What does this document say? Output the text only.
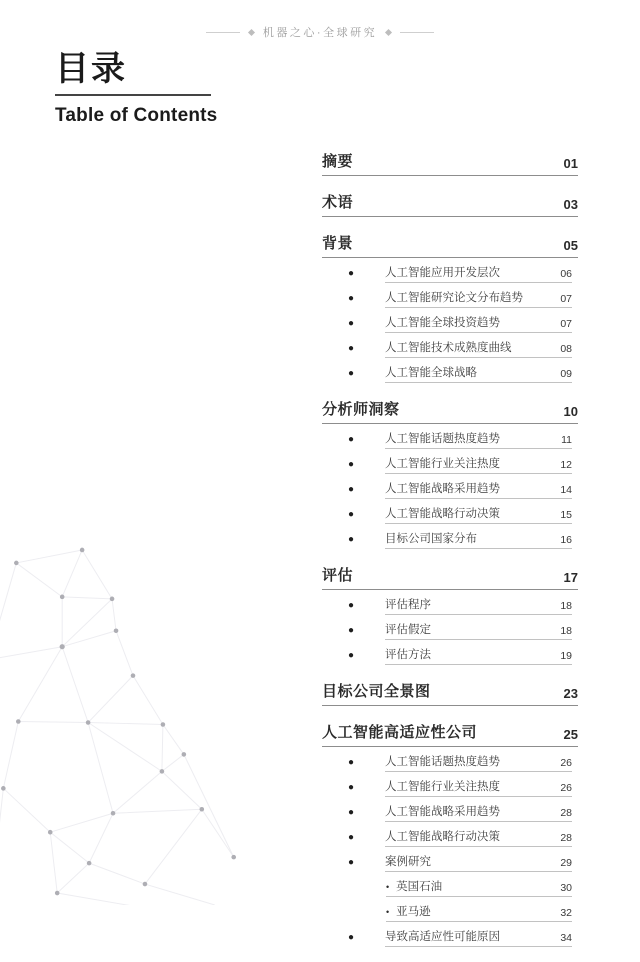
机器之心·全球研究
目录
Table of Contents
摘要	01
术语	03
背景	05
●	人工智能应用开发层次	06
●	人工智能研究论文分布趋势	07
●	人工智能全球投资趋势	07
●	人工智能技术成熟度曲线	08
●	人工智能全球战略	09
分析师洞察	10
●	人工智能话题热度趋势	11
●	人工智能行业关注热度	12
●	人工智能战略采用趋势	14
●	人工智能战略行动决策	15
●	目标公司国家分布	16
评估	17
●	评估程序	18
●	评估假定	18
●	评估方法	19
目标公司全景图	23
人工智能高适应性公司	25
●	人工智能话题热度趋势	26
●	人工智能行业关注热度	26
●	人工智能战略采用趋势	28
●	人工智能战略行动决策	28
●	案例研究	29
• 英国石油	30
• 亚马逊	32
●	导致高适应性可能原因	34
